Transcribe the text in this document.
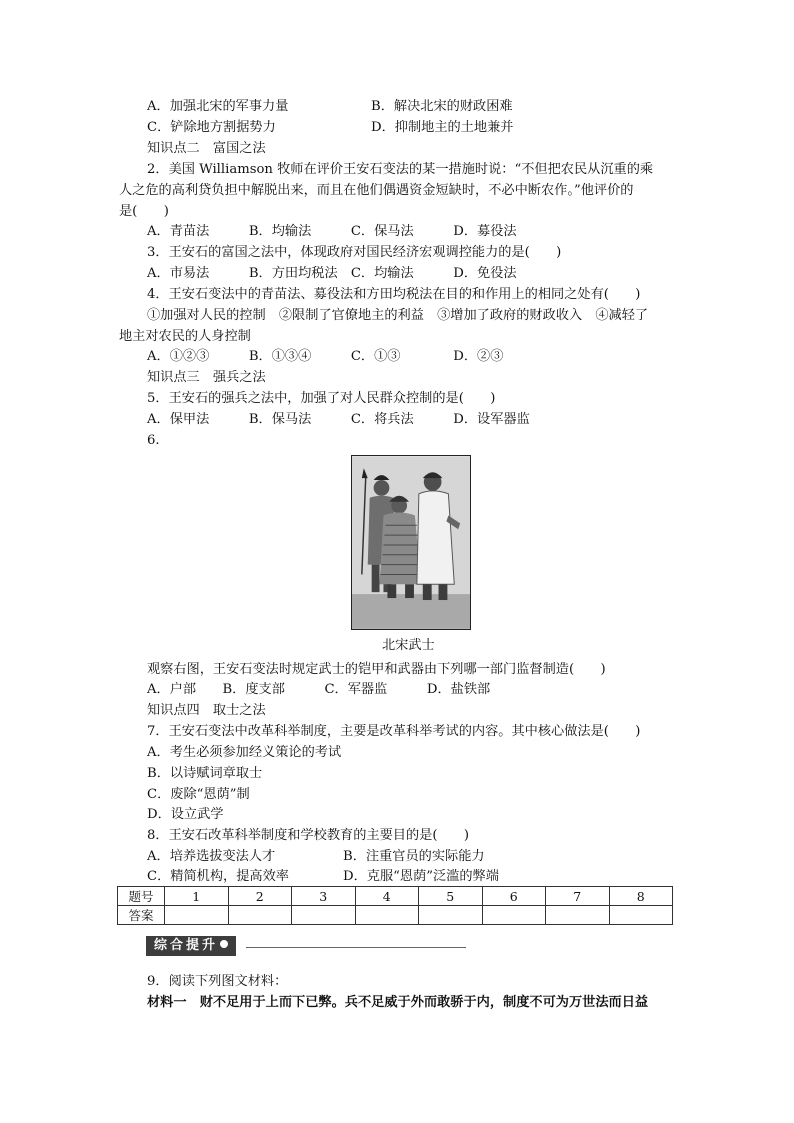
A．加强北宋的军事力量	B．解决北宋的财政困难
C．铲除地方割据势力	D．抑制地主的土地兼并
知识点二　富国之法
2．美国 Williamson 牧师在评价王安石变法的某一措施时说：“不但把农民从沉重的乘
人之危的高利贷负担中解脱出来，而且在他们偶遇资金短缺时，不必中断农作。”他评价的
是(　　)
A．青苗法　　　B．均输法　　　C．保马法　　　D．募役法
3．王安石的富国之法中，体现政府对国民经济宏观调控能力的是(　　)
A．市易法　　　B．方田均税法　C．均输法　　　D．免役法
4．王安石变法中的青苗法、募役法和方田均税法在目的和作用上的相同之处有(　　)
①加强对人民的控制　②限制了官僚地主的利益　③增加了政府的财政收入　④减轻了
地主对农民的人身控制
A．①②③　　　B．①③④　　　C．①③　　　　D．②③
知识点三　强兵之法
5．王安石的强兵之法中，加强了对人民群众控制的是(　　)
A．保甲法　　　B．保马法　　　C．将兵法　　　D．设军器监
6.
北宋武士
观察右图，王安石变法时规定武士的铠甲和武器由下列哪一部门监督制造(　　)
A．户部　　B．度支部　　　C．军器监　　　D．盐铁部
知识点四　取士之法
7．王安石变法中改革科举制度，主要是改革科举考试的内容。其中核心做法是(　　)
A．考生必须参加经义策论的考试
B．以诗赋词章取士
C．废除“恩荫”制
D．设立武学
8．王安石改革科举制度和学校教育的主要目的是(　　)
A．培养选拔变法人才	B．注重官员的实际能力
C．精简机构，提高效率	D．克服“恩荫”泛滥的弊端
题号	1	2	3	4	5	6	7	8
答案								
综合提升
9．阅读下列图文材料：
材料一　财不足用于上而下已弊。兵不足威于外而敢骄于内，制度不可为万世法而日益
